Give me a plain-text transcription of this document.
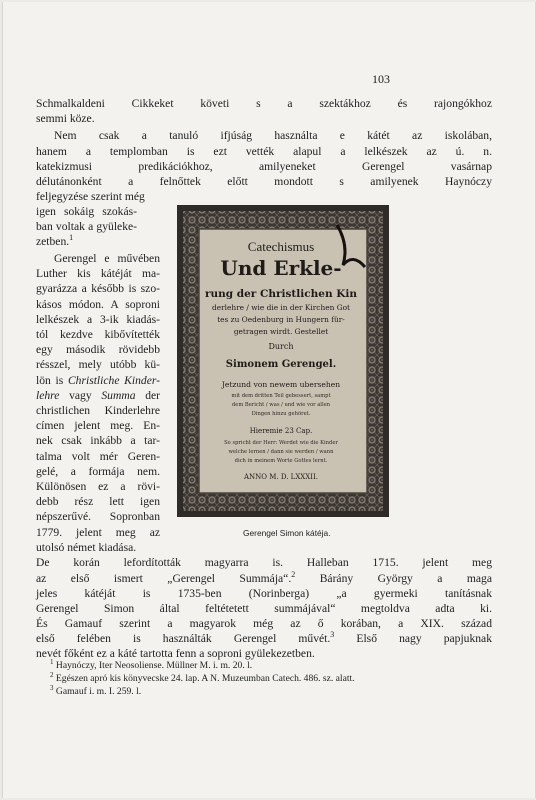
103
Schmalkaldeni Cikkeket követi s a szektákhoz és rajongókhoz
semmi köze.
Nem csak a tanuló ifjúság használta e kátét az iskolában,
hanem a templomban is ezt vették alapul a lelkészek az ú. n.
katekizmusi predikációkhoz, amilyeneket Gerengel vasárnap
délutánonként a felnőttek előtt mondott s amilyenek Haynóczy
feljegyzése szerint még
igen sokáig szokás-
ban voltak a gyüleke-
zetben.$^1$
Gerengel e művében
Luther kis kátéját ma-
gyarázza a később is szo-
kásos módon. A soproni
lelkészek a 3-ik kiadás-
tól kezdve kibővítették
egy második rövidebb
résszel, mely utóbb kü-
lön is Christliche Kinder-
lehre vagy Summa der
christlichen Kinderlehre
címen jelent meg. En-
nek csak inkább a tar-
talma volt mér Geren-
gelé, a formája nem.
Különösen ez a rövi-
debb rész lett igen
népszerűvé. Sopronban
1779. jelent meg az
utolsó német kiadása.
De korán lefordították magyarra is. Halleban 1715. jelent meg
az első ismert „Gerengel Summája“.$^2$ Bárány György a maga
jeles kátéját is 1735-ben (Norinberga) „a gyermeki tanításnak
Gerengel Simon által feltétetett summájával“ megtoldva adta ki.
És Gamauf szerint a magyarok még az ő korában, a XIX. század
első felében is használták Gerengel művét.$^3$ Első nagy papjuknak
nevét főként ez a káté tartotta fenn a soproni gyülekezetben.
Catechismus
Und Erkle-
rung der Christlichen Kin
derlehre / wie die in der Kirchen Got
tes zu Oedenburg in Hungern für-
getragen wirdt. Gestellet
Durch
Simonem Gerengel.
Jetzund von newem ubersehen
mit dem dritten Teil gebessert, sampt
dem Bericht / was / und wie vor allen
Dingen hinzu gehöret.
Hieremie 23 Cap.
So spricht der Herr: Werdet wie die Kinder
welche lernen / dann sie werden / wann
dich in meinem Worte Gottes lernt.
ANNO M. D. LXXXII.
Gerengel Simon kátéja.
$^1$ Haynóczy, Iter Neosoliense. Müllner M. i. m. 20. l.
$^2$ Egészen apró kis könyvecske 24. lap. A N. Muzeumban Catech. 486. sz. alatt.
$^3$ Gamauf i. m. I. 259. l.
